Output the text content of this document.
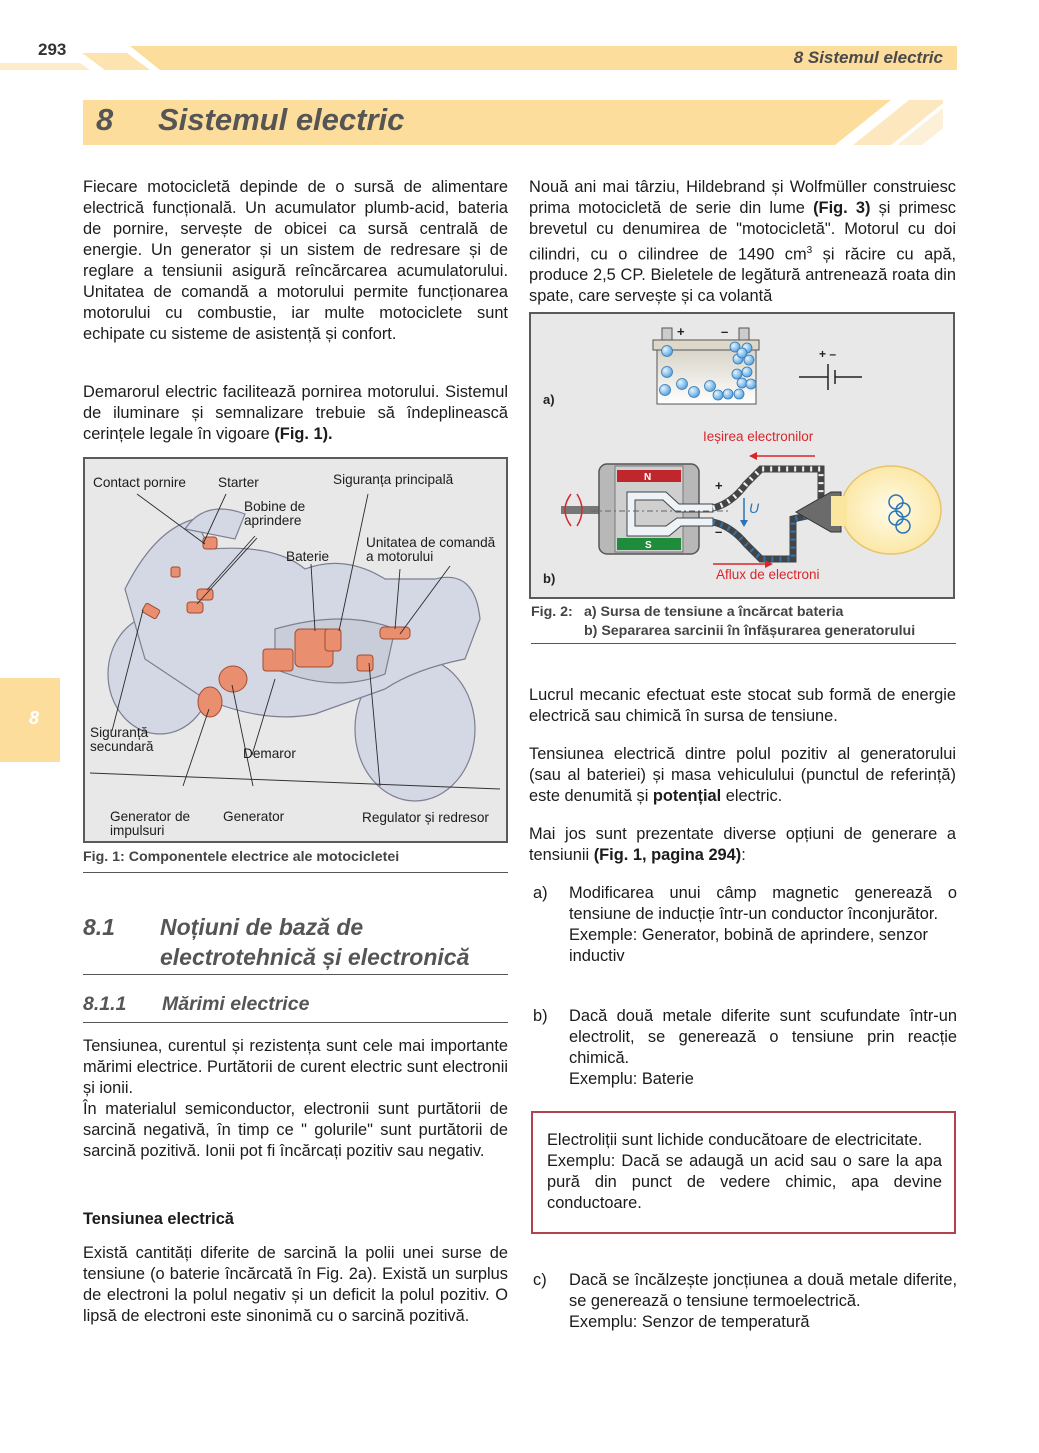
293	8 Sistemul electric
8 Sistemul electric
8
Fiecare motocicletă depinde de o sursă de alimentare electrică funcțională. Un acumulator plumb-acid, bateria de pornire, servește de obicei ca sursă centrală de energie. Un generator și un sistem de redresare și de reglare a tensiunii asigură reîncărcarea acumulatorului. Unitatea de comandă a motorului permite funcționarea motorului cu combustie, iar multe motociclete sunt echipate cu sisteme de asistență și confort.
Demarorul electric facilitează pornirea motorului. Sistemul de iluminare și semnalizare trebuie să îndeplinească cerințele legale în vigoare (Fig. 1).
Contact pornire Starter	Siguranța principală
Bobine de
aprindere
Unitatea de comandă
a motorului
Baterie
Siguranță
secundară	Demaror
Generator de
impulsuri
Generator	Regulator și redresor
Fig. 1: Componentele electrice ale motocicletei
8.1 Noțiuni de bază de
electrotehnică și electronică
8.1.1 Mărimi electrice
Tensiunea, curentul și rezistența sunt cele mai importante mărimi electrice. Purtătorii de curent electric sunt electronii și ionii.
În materialul semiconductor, electronii sunt purtătorii de sarcină negativă, în timp ce " golurile" sunt purtătorii de sarcină pozitivă. Ionii pot fi încărcați pozitiv sau negativ.
Tensiunea electrică
Există cantități diferite de sarcină la polii unei surse de tensiune (o baterie încărcată în Fig. 2a). Există un surplus de electroni la polul negativ și un deficit la polul pozitiv. O lipsă de electroni este sinonimă cu o sarcină pozitivă.
Nouă ani mai târziu, Hildebrand și Wolfmüller construiesc prima motocicletă de serie din lume (Fig. 3) și primesc brevetul cu denumirea de "motocicletă". Motorul cu doi cilindri, cu o cilindree de 1490 $cm^3$ și răcire cu apă, produce 2,5 CP. Bieletele de legătură antrenează roata din spate, care servește și ca volantă
+	–
+ –
+
–
U
N
S
Ieșirea electronilor
Aflux de electroni
a)
b)
Fig. 2: a) Sursa de tensiune a încărcat bateria
b) Separarea sarcinii în înfășurarea generatorului
Lucrul mecanic efectuat este stocat sub formă de energie electrică sau chimică în sursa de tensiune.
Tensiunea electrică dintre polul pozitiv al generatorului (sau al bateriei) și masa vehiculului (punctul de referință) este denumită și potențial electric.
Mai jos sunt prezentate diverse opțiuni de generare a tensiunii (Fig. 1, pagina 294):
a) Modificarea unui câmp magnetic generează o tensiune de inducție într-un conductor înconjurător.
Exemple: Generator, bobină de aprindere, senzor inductiv
b) Dacă două metale diferite sunt scufundate într-un electrolit, se generează o tensiune prin reacție chimică.
Exemplu: Baterie
Electroliții sunt lichide conducătoare de electricitate.
Exemplu: Dacă se adaugă un acid sau o sare la apa pură din punct de vedere chimic, apa devine conductoare.
c) Dacă se încălzește joncțiunea a două metale diferite, se generează o tensiune termoelectrică.
Exemplu: Senzor de temperatură
